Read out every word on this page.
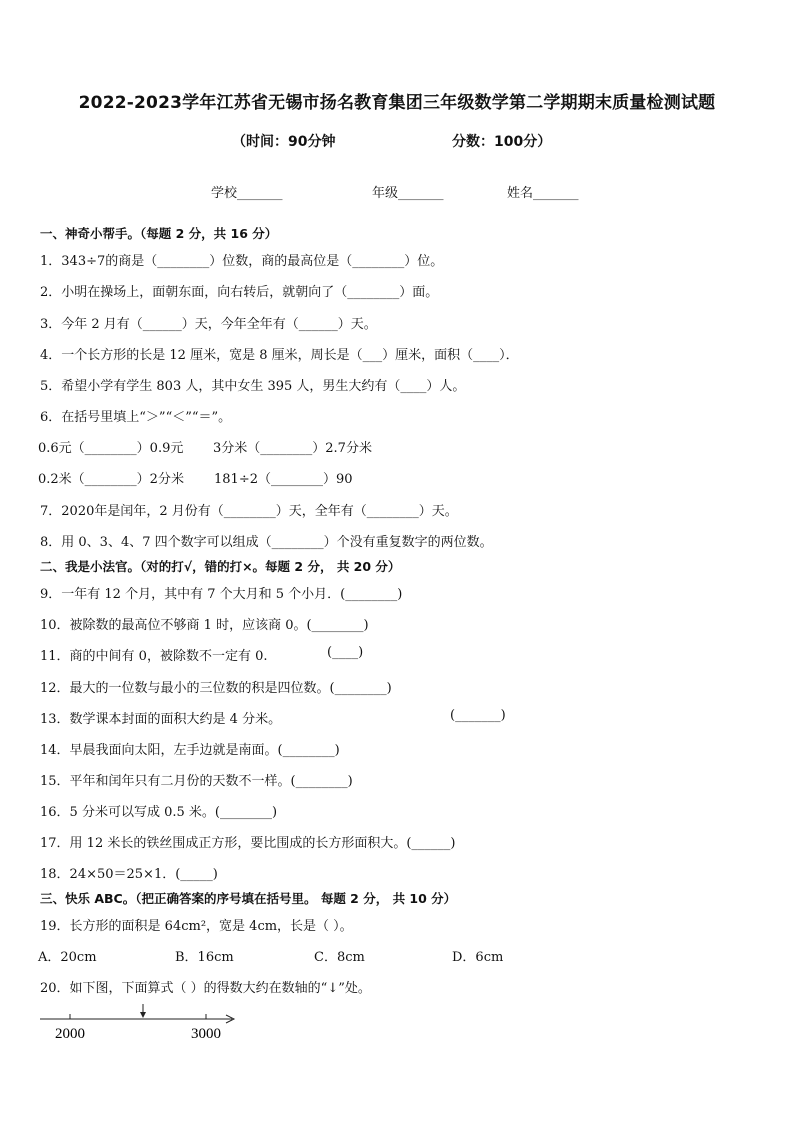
2022-2023学年江苏省无锡市扬名教育集团三年级数学第二学期期末质量检测试题
（时间：90分钟	分数：100分）
学校_______	年级_______	姓名_______
一、神奇小帮手。（每题 2 分，共 16 分）
1．343÷7的商是（________）位数，商的最高位是（________）位。
2．小明在操场上，面朝东面，向右转后，就朝向了（________）面。
3．今年 2 月有（______）天，今年全年有（______）天。
4．一个长方形的长是 12 厘米，宽是 8 厘米，周长是（___）厘米，面积（____）．
5．希望小学有学生 803 人，其中女生 395 人，男生大约有（____）人。
6．在括号里填上“＞”“＜”“＝”。
0.6元（________）0.9元 3分米（________）2.7分米
0.2米（________）2分米 181÷2（________）90
7．2020年是闰年，2 月份有（________）天，全年有（________）天。
8．用 0、3、4、7 四个数字可以组成（________）个没有重复数字的两位数。
二、我是小法官。（对的打√，错的打×。每题 2 分， 共 20 分）
9．一年有 12 个月，其中有 7 个大月和 5 个小月．(________)
10．被除数的最高位不够商 1 时，应该商 0。(________)
11．商的中间有 0，被除数不一定有 0.	(____)
12．最大的一位数与最小的三位数的积是四位数。(________)
13．数学课本封面的面积大约是 4 分米。	(_______)
14．早晨我面向太阳，左手边就是南面。(________)
15．平年和闰年只有二月份的天数不一样。(________)
16．5 分米可以写成 0.5 米。(________)
17．用 12 米长的铁丝围成正方形，要比围成的长方形面积大。(______)
18．24×50＝25×1．(_____)
三、快乐 ABC。（把正确答案的序号填在括号里。 每题 2 分， 共 10 分）
19．长方形的面积是 64cm²，宽是 4cm，长是（ ）。
A．20cm	B．16cm	C．8cm	D．6cm
20．如下图，下面算式（ ）的得数大约在数轴的“↓”处。
2000	3000
